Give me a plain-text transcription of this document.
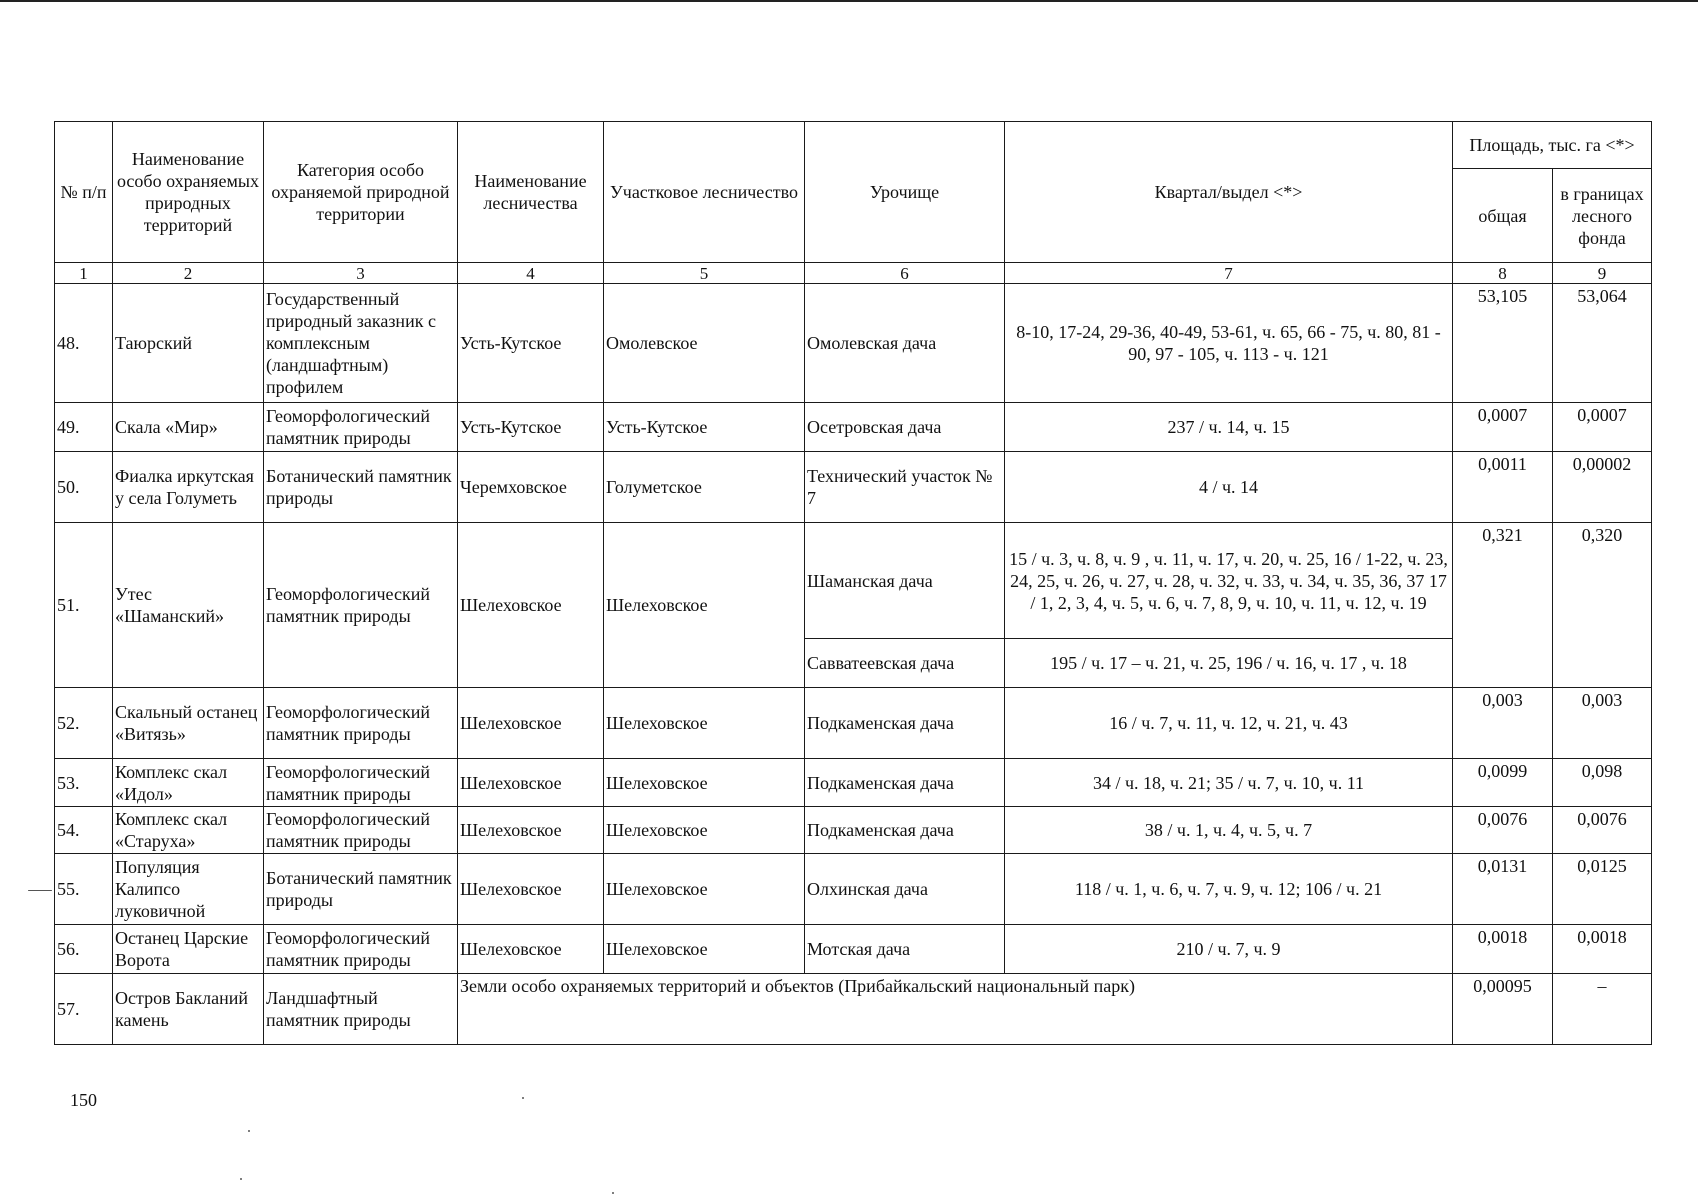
№ п/п	Наименование особо охраняемых природных территорий	Категория особо охраняемой природной территории	Наименование лесничества	Участковое лесничество	Урочище	Квартал/выдел <*>	Площадь, тыс. га <*>	
							общая	в границах лесного фонда
1	2	3	4	5	6	7	8	9
48.	Таюрский	Государственный природный заказник с комплексным (ландшафтным) профилем	Усть-Кутское	Омолевское	Омолевская дача	8-10, 17-24, 29-36, 40-49, 53-61, ч. 65, 66 - 75, ч. 80, 81 - 90, 97 - 105, ч. 113 - ч. 121	53,105	53,064
49.	Скала «Мир»	Геоморфологический памятник природы	Усть-Кутское	Усть-Кутское	Осетровская дача	237 / ч. 14, ч. 15	0,0007	0,0007
50.	Фиалка иркутская у села Голуметь	Ботанический памятник природы	Черемховское	Голуметское	Технический участок № 7	4 / ч. 14	0,0011	0,00002
51.	Утес «Шаманский»	Геоморфологический памятник природы	Шелеховское	Шелеховское	Шаманская дача	15 / ч. 3, ч. 8, ч. 9 , ч. 11, ч. 17, ч. 20, ч. 25, 16 / 1-22, ч. 23, 24, 25, ч. 26, ч. 27, ч. 28, ч. 32, ч. 33, ч. 34, ч. 35, 36, 37 17 / 1, 2, 3, 4, ч. 5, ч. 6, ч. 7, 8, 9, ч. 10, ч. 11, ч. 12, ч. 19	0,321	0,320
					Савватеевская дача	195 / ч. 17 – ч. 21, ч. 25, 196 / ч. 16, ч. 17 , ч. 18		
52.	Скальный останец «Витязь»	Геоморфологический памятник природы	Шелеховское	Шелеховское	Подкаменская дача	16 / ч. 7, ч. 11, ч. 12, ч. 21, ч. 43	0,003	0,003
53.	Комплекс скал «Идол»	Геоморфологический памятник природы	Шелеховское	Шелеховское	Подкаменская дача	34 / ч. 18, ч. 21; 35 / ч. 7, ч. 10, ч. 11	0,0099	0,098
54.	Комплекс скал «Старуха»	Геоморфологический памятник природы	Шелеховское	Шелеховское	Подкаменская дача	38 / ч. 1, ч. 4, ч. 5, ч. 7	0,0076	0,0076
55.	Популяция Калипсо луковичной	Ботанический памятник природы	Шелеховское	Шелеховское	Олхинская дача	118 / ч. 1, ч. 6, ч. 7, ч. 9, ч. 12; 106 / ч. 21	0,0131	0,0125
56.	Останец Царские Ворота	Геоморфологический памятник природы	Шелеховское	Шелеховское	Мотская дача	210 / ч. 7, ч. 9	0,0018	0,0018
57.	Остров Бакланий камень	Ландшафтный памятник природы	Земли особо охраняемых территорий и объектов (Прибайкальский национальный парк)				0,00095	–
150
